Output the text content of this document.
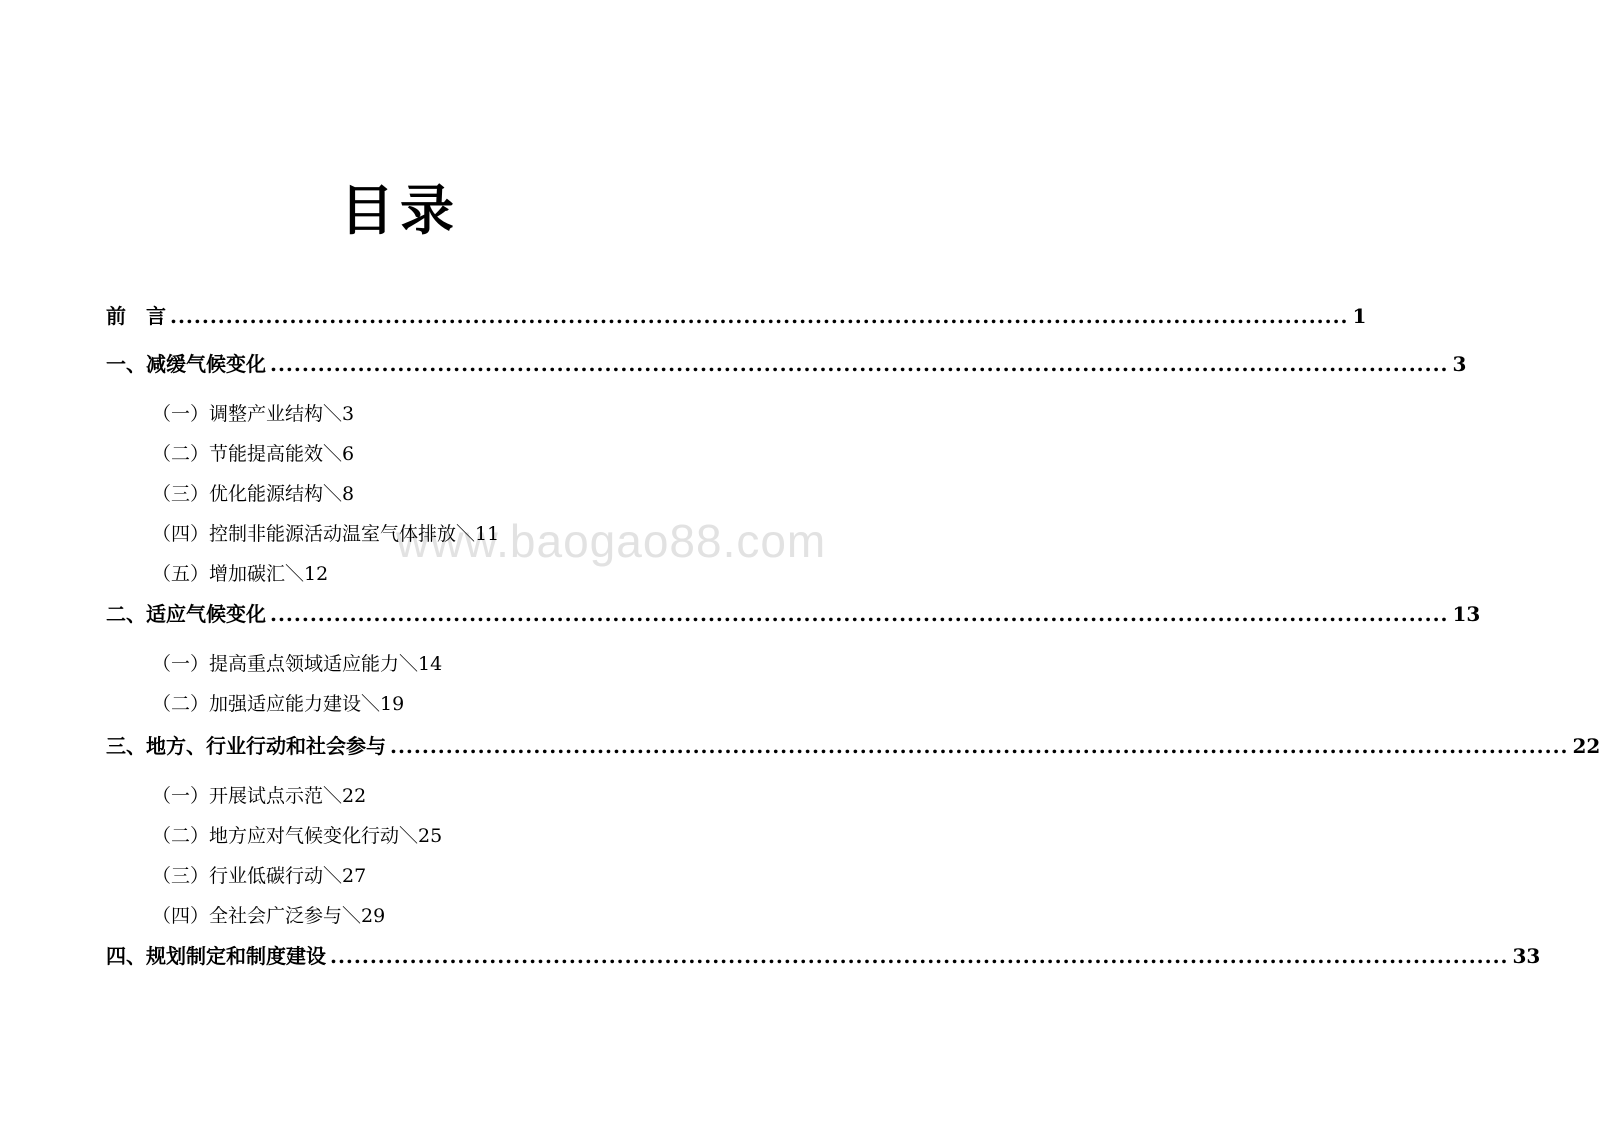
目录
www.baogao88.com
前　言 .................................................................................................................................................... 1
一、减缓气候变化 .................................................................................................................................................... 3
（一）调整产业结构＼3
（二）节能提高能效＼6
（三）优化能源结构＼8
（四）控制非能源活动温室气体排放＼11
（五）增加碳汇＼12
二、适应气候变化 .................................................................................................................................................... 13
（一）提高重点领域适应能力＼14
（二）加强适应能力建设＼19
三、地方、行业行动和社会参与 .................................................................................................................................................... 22
（一）开展试点示范＼22
（二）地方应对气候变化行动＼25
（三）行业低碳行动＼27
（四）全社会广泛参与＼29
四、规划制定和制度建设 .................................................................................................................................................... 33
